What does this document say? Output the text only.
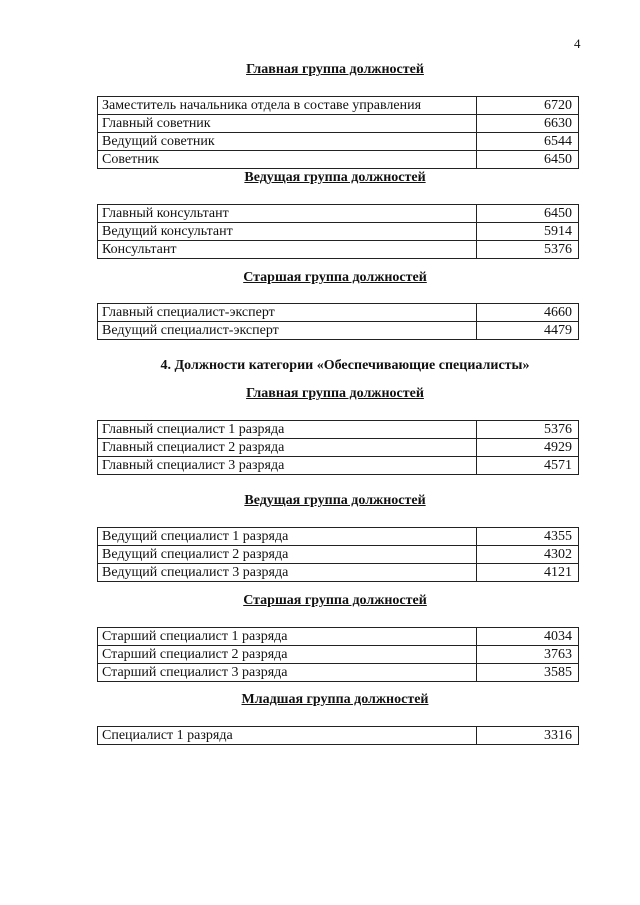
4
Главная группа должностей
Заместитель начальника отдела в составе управления	6720
Главный советник	6630
Ведущий советник	6544
Советник	6450
Ведущая группа должностей
Главный консультант	6450
Ведущий консультант	5914
Консультант	5376
Старшая группа должностей
Главный специалист-эксперт	4660
Ведущий специалист-эксперт	4479
4. Должности категории «Обеспечивающие специалисты»
Главная группа должностей
Главный специалист 1 разряда	5376
Главный специалист 2 разряда	4929
Главный специалист 3 разряда	4571
Ведущая группа должностей
Ведущий специалист 1 разряда	4355
Ведущий специалист 2 разряда	4302
Ведущий специалист 3 разряда	4121
Старшая группа должностей
Старший специалист 1 разряда	4034
Старший специалист 2 разряда	3763
Старший специалист 3 разряда	3585
Младшая группа должностей
Специалист 1 разряда	3316
